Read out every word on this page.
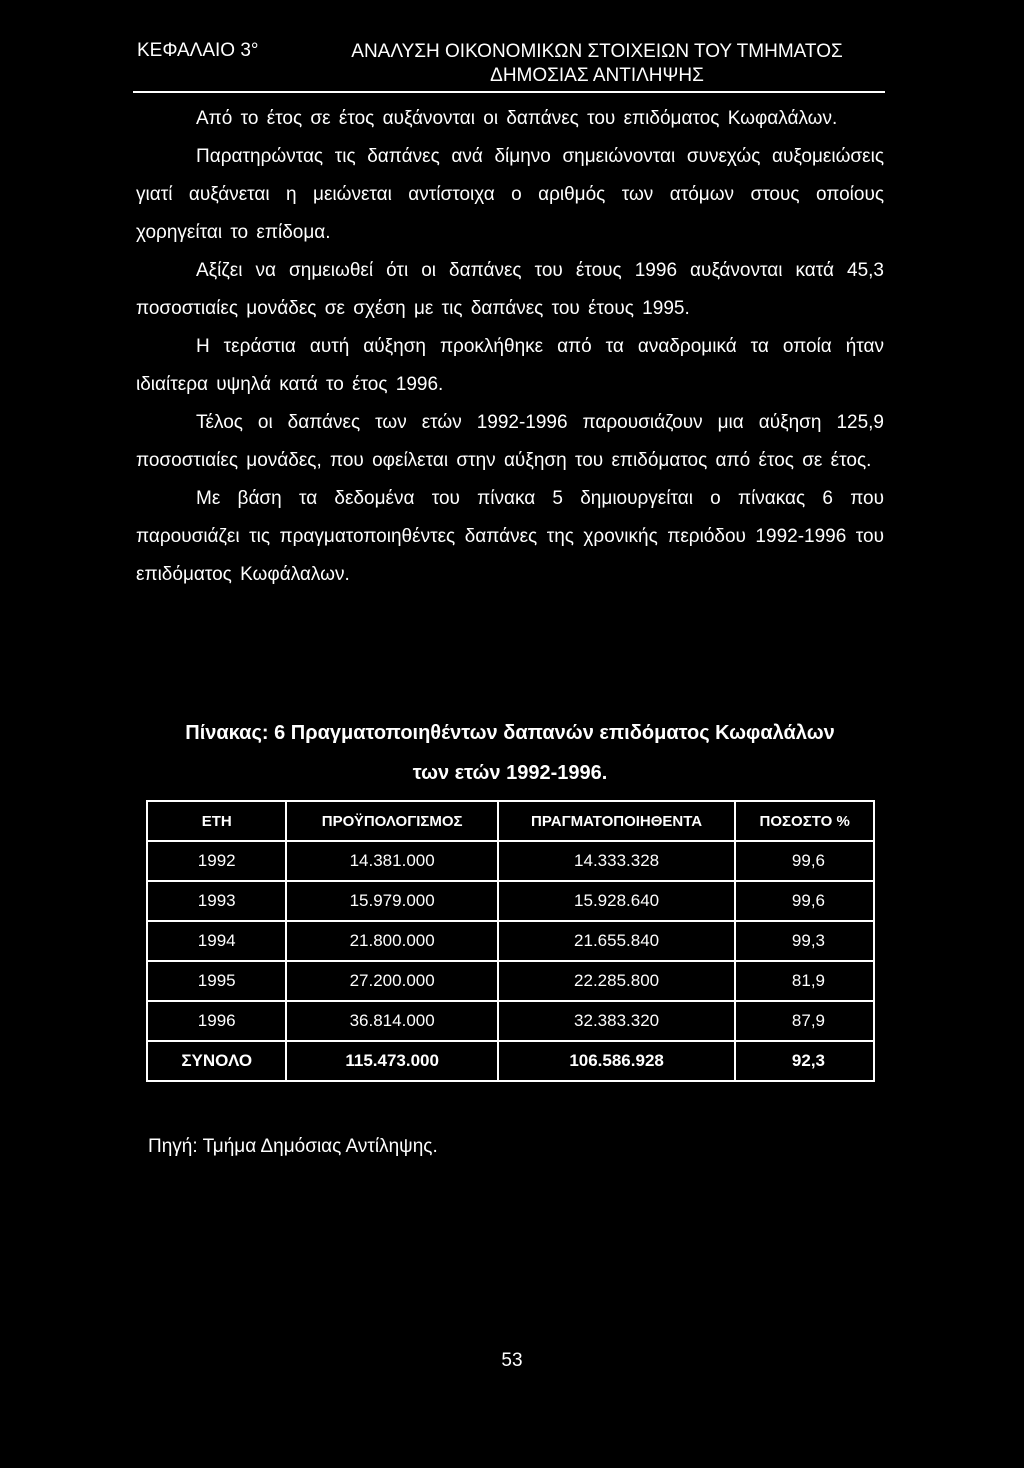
ΚΕΦΑΛΑΙΟ 3°	ΑΝΑΛΥΣΗ ΟΙΚΟΝΟΜΙΚΩΝ ΣΤΟΙΧΕΙΩΝ ΤΟΥ ΤΜΗΜΑΤΟΣ
ΔΗΜΟΣΙΑΣ ΑΝΤΙΛΗΨΗΣ

Από το έτος σε έτος αυξάνονται οι δαπάνες του επιδόματος Κωφαλάλων.

Παρατηρώντας τις δαπάνες ανά δίμηνο σημειώνονται συνεχώς αυξομειώσεις γιατί αυξάνεται η μειώνεται αντίστοιχα ο αριθμός των ατόμων στους οποίους χορηγείται το επίδομα.

Αξίζει να σημειωθεί ότι οι δαπάνες του έτους 1996 αυξάνονται κατά 45,3 ποσοστιαίες μονάδες σε σχέση με τις δαπάνες του έτους 1995.

Η τεράστια αυτή αύξηση προκλήθηκε από τα αναδρομικά τα οποία ήταν ιδιαίτερα υψηλά κατά το έτος 1996.

Τέλος οι δαπάνες των ετών 1992-1996 παρουσιάζουν μια αύξηση 125,9 ποσοστιαίες μονάδες, που οφείλεται στην αύξηση του επιδόματος από έτος σε έτος.

Με βάση τα δεδομένα του πίνακα 5 δημιουργείται ο πίνακας 6 που παρουσιάζει τις πραγματοποιηθέντες δαπάνες της χρονικής περιόδου 1992-1996 του επιδόματος Κωφάλαλων.

Πίνακας: 6 Πραγματοποιηθέντων δαπανών επιδόματος Κωφαλάλων
των ετών 1992-1996.
ΕΤΗ	ΠΡΟΫΠΟΛΟΓΙΣΜΟΣ	ΠΡΑΓΜΑΤΟΠΟΙΗΘΕΝΤΑ	ΠΟΣΟΣΤΟ %
1992	14.381.000	14.333.328	99,6
1993	15.979.000	15.928.640	99,6
1994	21.800.000	21.655.840	99,3
1995	27.200.000	22.285.800	81,9
1996	36.814.000	32.383.320	87,9
ΣΥΝΟΛΟ	115.473.000	106.586.928	92,3
Πηγή: Τμήμα Δημόσιας Αντίληψης.
53
